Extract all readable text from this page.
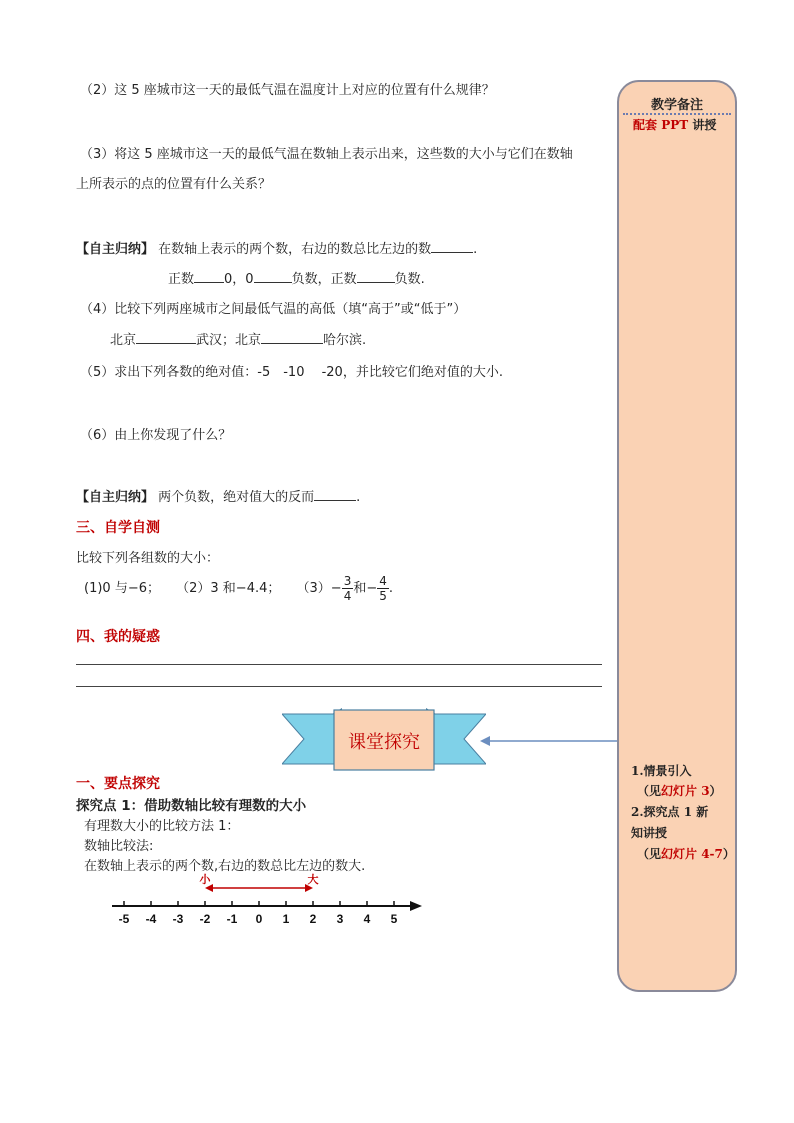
（2）这 5 座城市这一天的最低气温在温度计上对应的位置有什么规律？
（3）将这 5 座城市这一天的最低气温在数轴上表示出来，这些数的大小与它们在数轴
上所表示的点的位置有什么关系？
【自主归纳】 在数轴上表示的两个数，右边的数总比左边的数	.
正数 0，0	负数，正数	负数.
（4）比较下列两座城市之间最低气温的高低（填“高于”或“低于”）
北京	武汉；北京	哈尔滨.
（5）求出下列各数的绝对值：-5　-10　 -20，并比较它们绝对值的大小.
（6）由上你发现了什么？
【自主归纳】 两个负数，绝对值大的反而	.
三、自学自测
比较下列各组数的大小：
(1)0 与−6； （2）3 和−4.4； $(3)- \frac{3}{4}$ 和− $\frac{4}{5}$ .
四、我的疑惑
课堂探究
一、要点探究
探究点 1：借助数轴比较有理数的大小
有理数大小的比较方法 1：
数轴比较法:
在数轴上表示的两个数,右边的数总比左边的数大.
-5 -4 -3 -2 -1 0 1 2 3 4 5
小	大
教学备注
配套 PPT 讲授
1.情景引入
（见幻灯片 3）
2.探究点 1 新
知讲授
（见幻灯片 4-7）
